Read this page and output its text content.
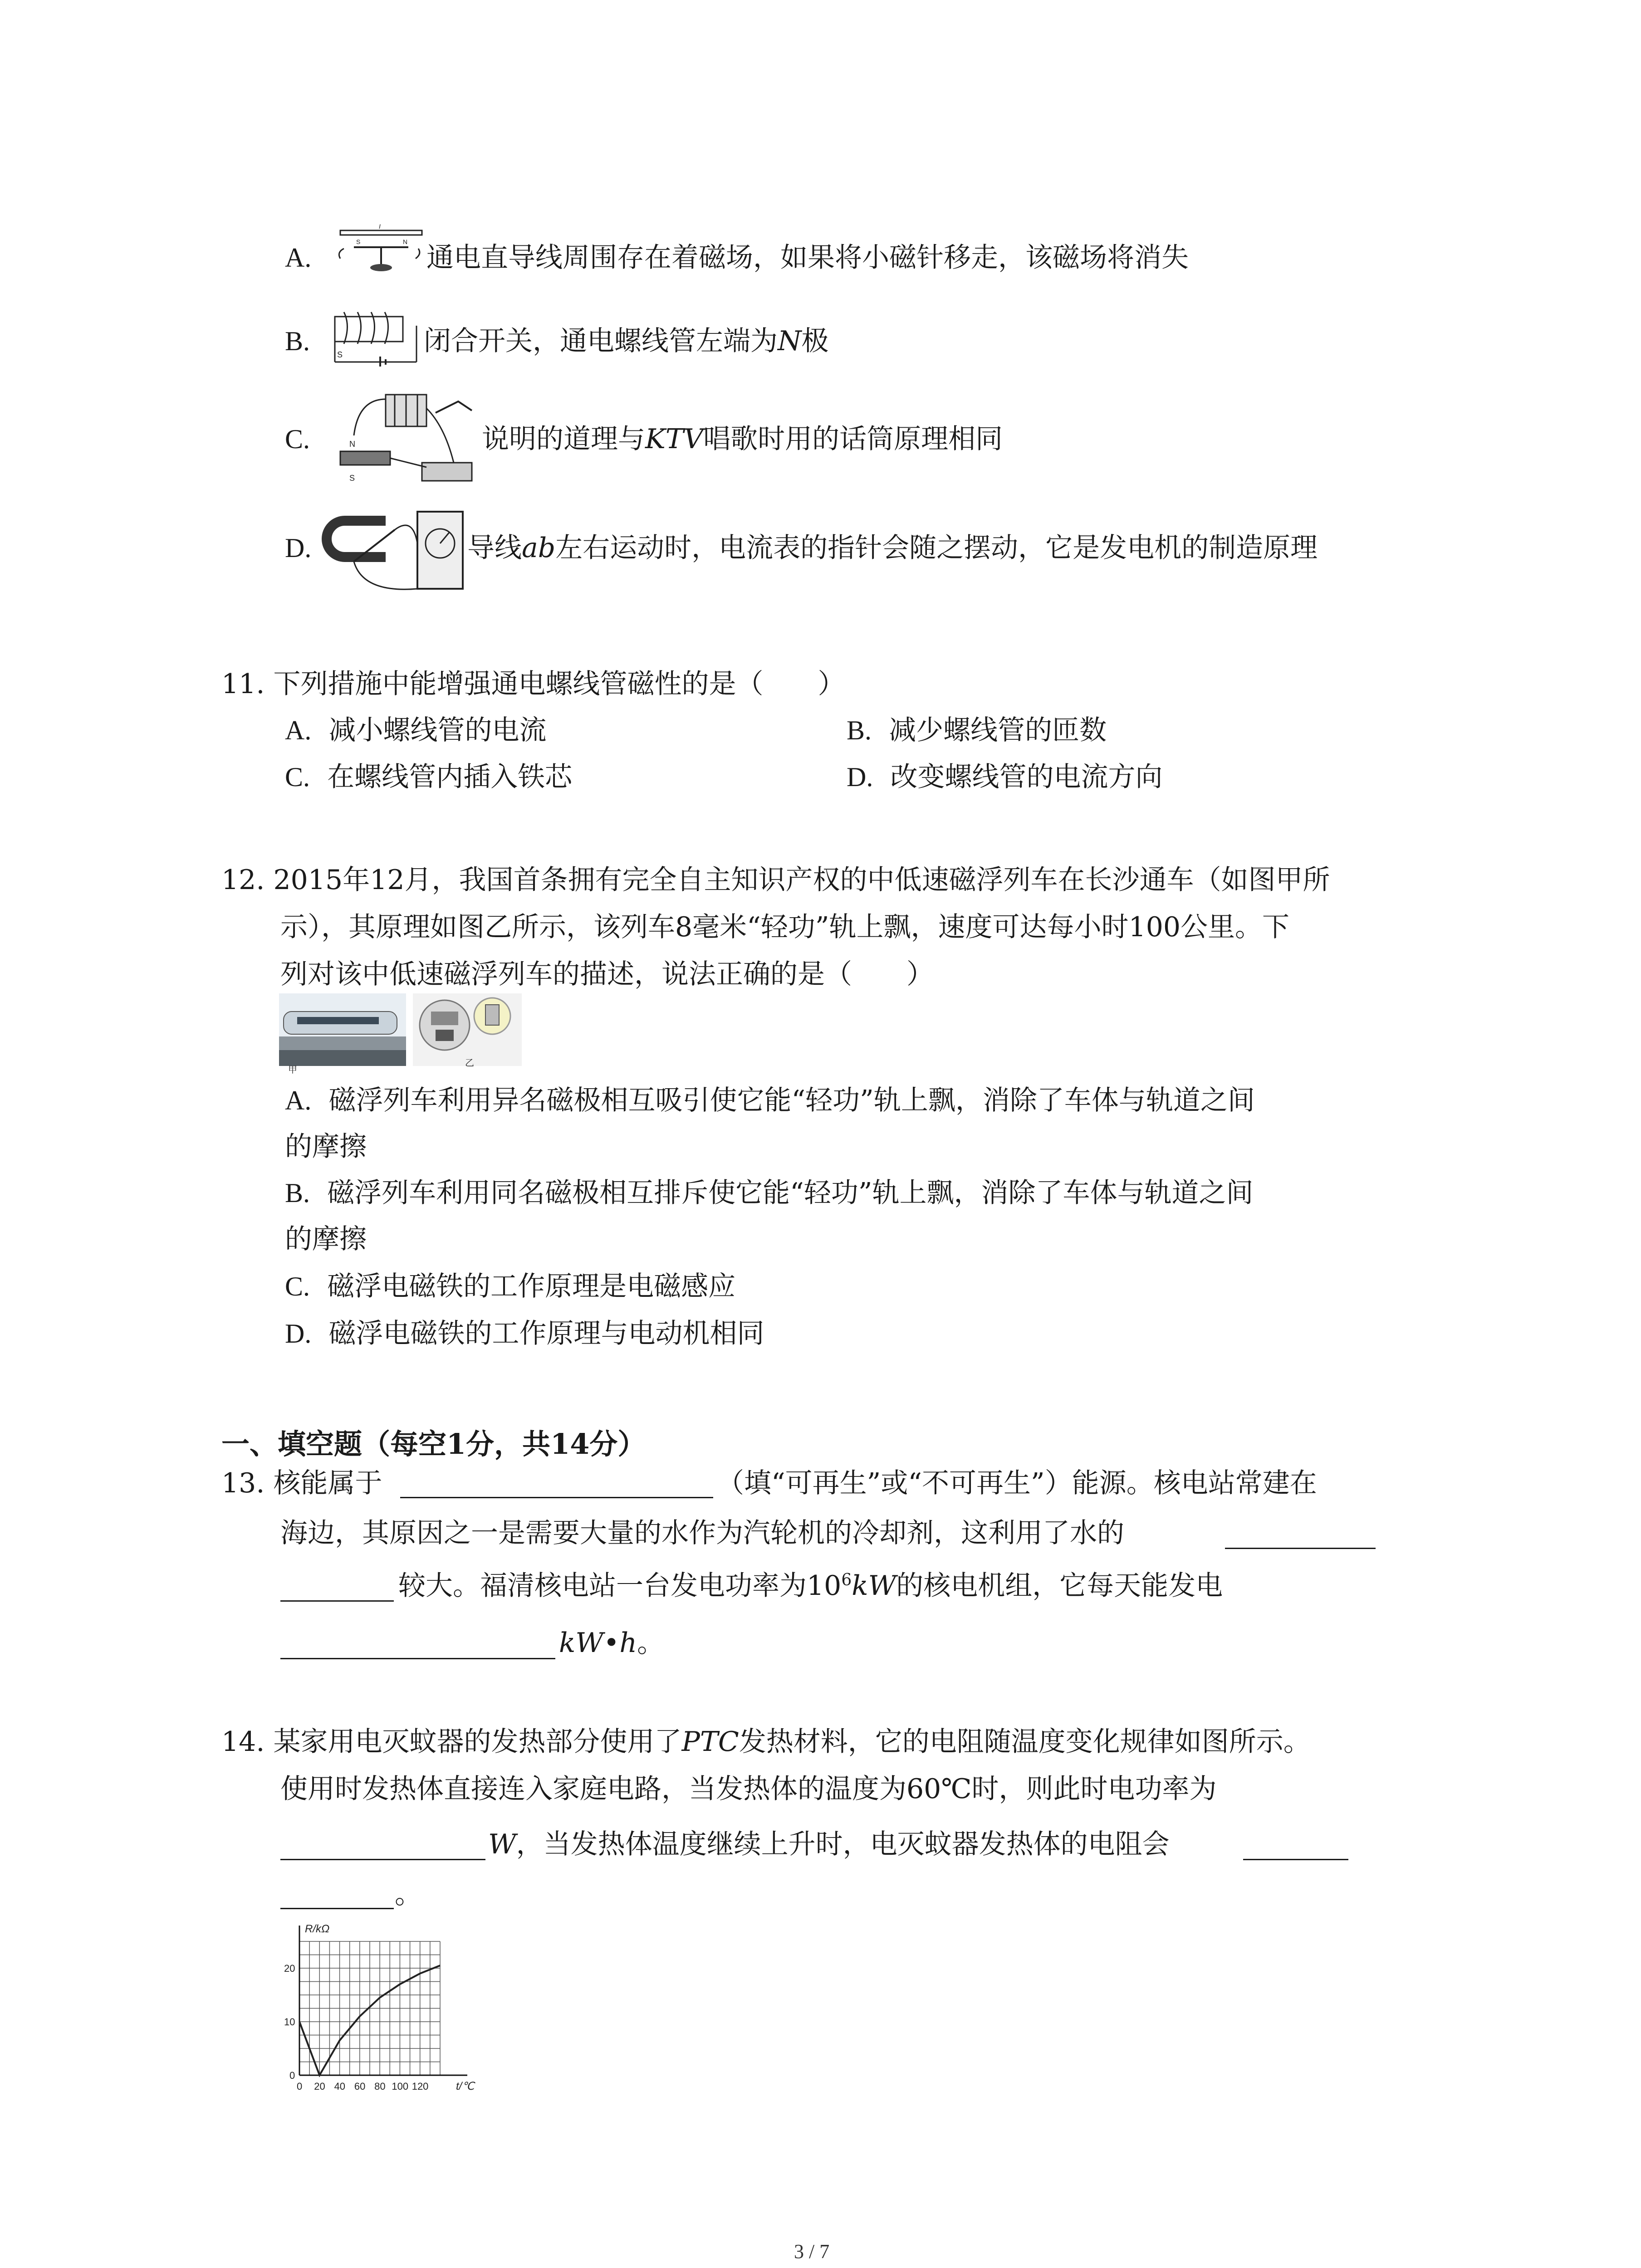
A.
I
S	N 通电直导线周围存在着磁场，如果将小磁针移走，该磁场将消失
B.	S	闭合开关，通电螺线管左端为N极
C.	N
S
说明的道理与KTV唱歌时用的话筒原理相同
D.	导线ab左右运动时，电流表的指针会随之摆动，它是发电机的制造原理
11. 下列措施中能增强通电螺线管磁性的是（　　）
A. 减小螺线管的电流	B. 减少螺线管的匝数
C. 在螺线管内插入铁芯	D. 改变螺线管的电流方向
12. 2015年12月，我国首条拥有完全自主知识产权的中低速磁浮列车在长沙通车（如图甲所
示），其原理如图乙所示，该列车8毫米“轻功”轨上飘，速度可达每小时100公里。下
列对该中低速磁浮列车的描述，说法正确的是（　　）
甲
乙
A. 磁浮列车利用异名磁极相互吸引使它能“轻功”轨上飘，消除了车体与轨道之间
的摩擦
B. 磁浮列车利用同名磁极相互排斥使它能“轻功”轨上飘，消除了车体与轨道之间
的摩擦
C. 磁浮电磁铁的工作原理是电磁感应
D. 磁浮电磁铁的工作原理与电动机相同
一、填空题（每空1分，共14分）
13. 核能属于	（填“可再生”或“不可再生”）能源。核电站常建在
海边，其原因之一是需要大量的水作为汽轮机的冷却剂，这利用了水的
较大。福清核电站一台发电功率为$10^6kW$的核电机组，它每天能发电
kW•h。
14. 某家用电灭蚊器的发热部分使用了PTC发热材料，它的电阻随温度变化规律如图所示。
使用时发热体直接连入家庭电路，当发热体的温度为60℃时，则此时电功率为
W，当发热体温度继续上升时，电灭蚊器发热体的电阻会
。
0 20 40 60 80 100 120
0
10
20
R/kΩ
t/℃
3 / 7
